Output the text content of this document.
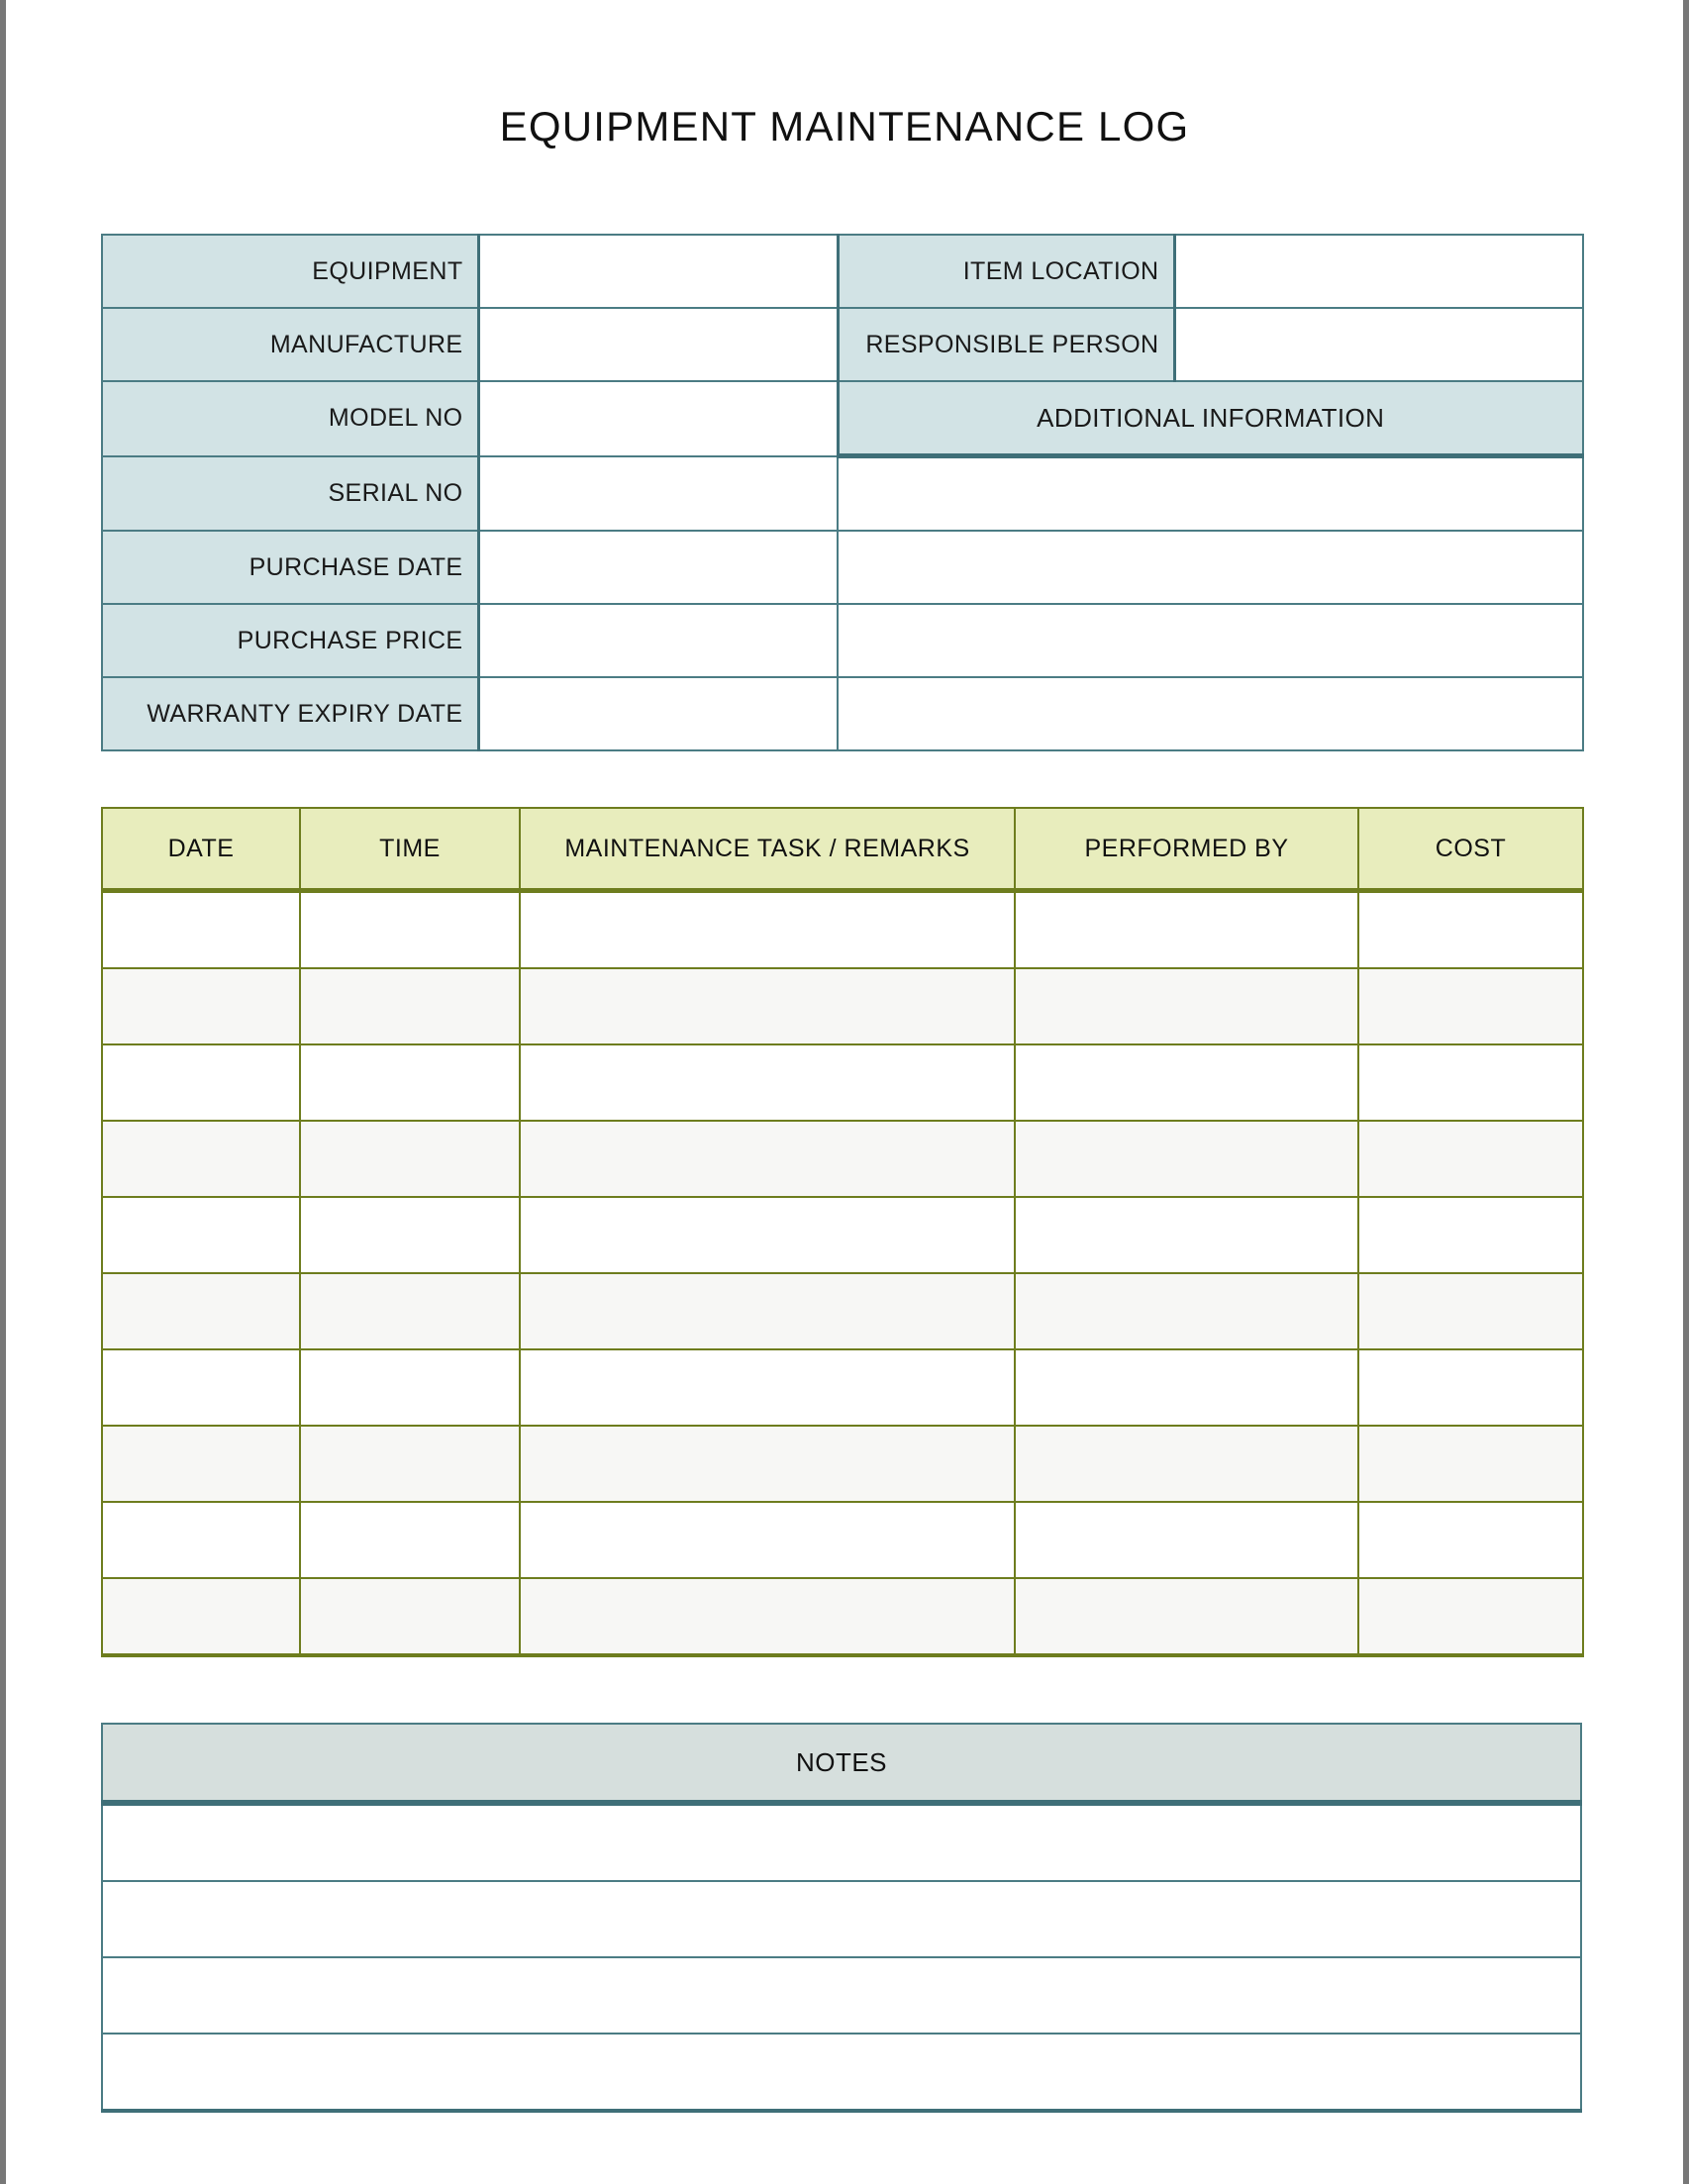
EQUIPMENT MAINTENANCE LOG
EQUIPMENT		ITEM LOCATION	
MANUFACTURE		RESPONSIBLE PERSON	
MODEL NO		ADDITIONAL INFORMATION	
SERIAL NO			
PURCHASE DATE			
PURCHASE PRICE			
WARRANTY EXPIRY DATE			
DATE	TIME	MAINTENANCE TASK / REMARKS	PERFORMED BY	COST

NOTES
